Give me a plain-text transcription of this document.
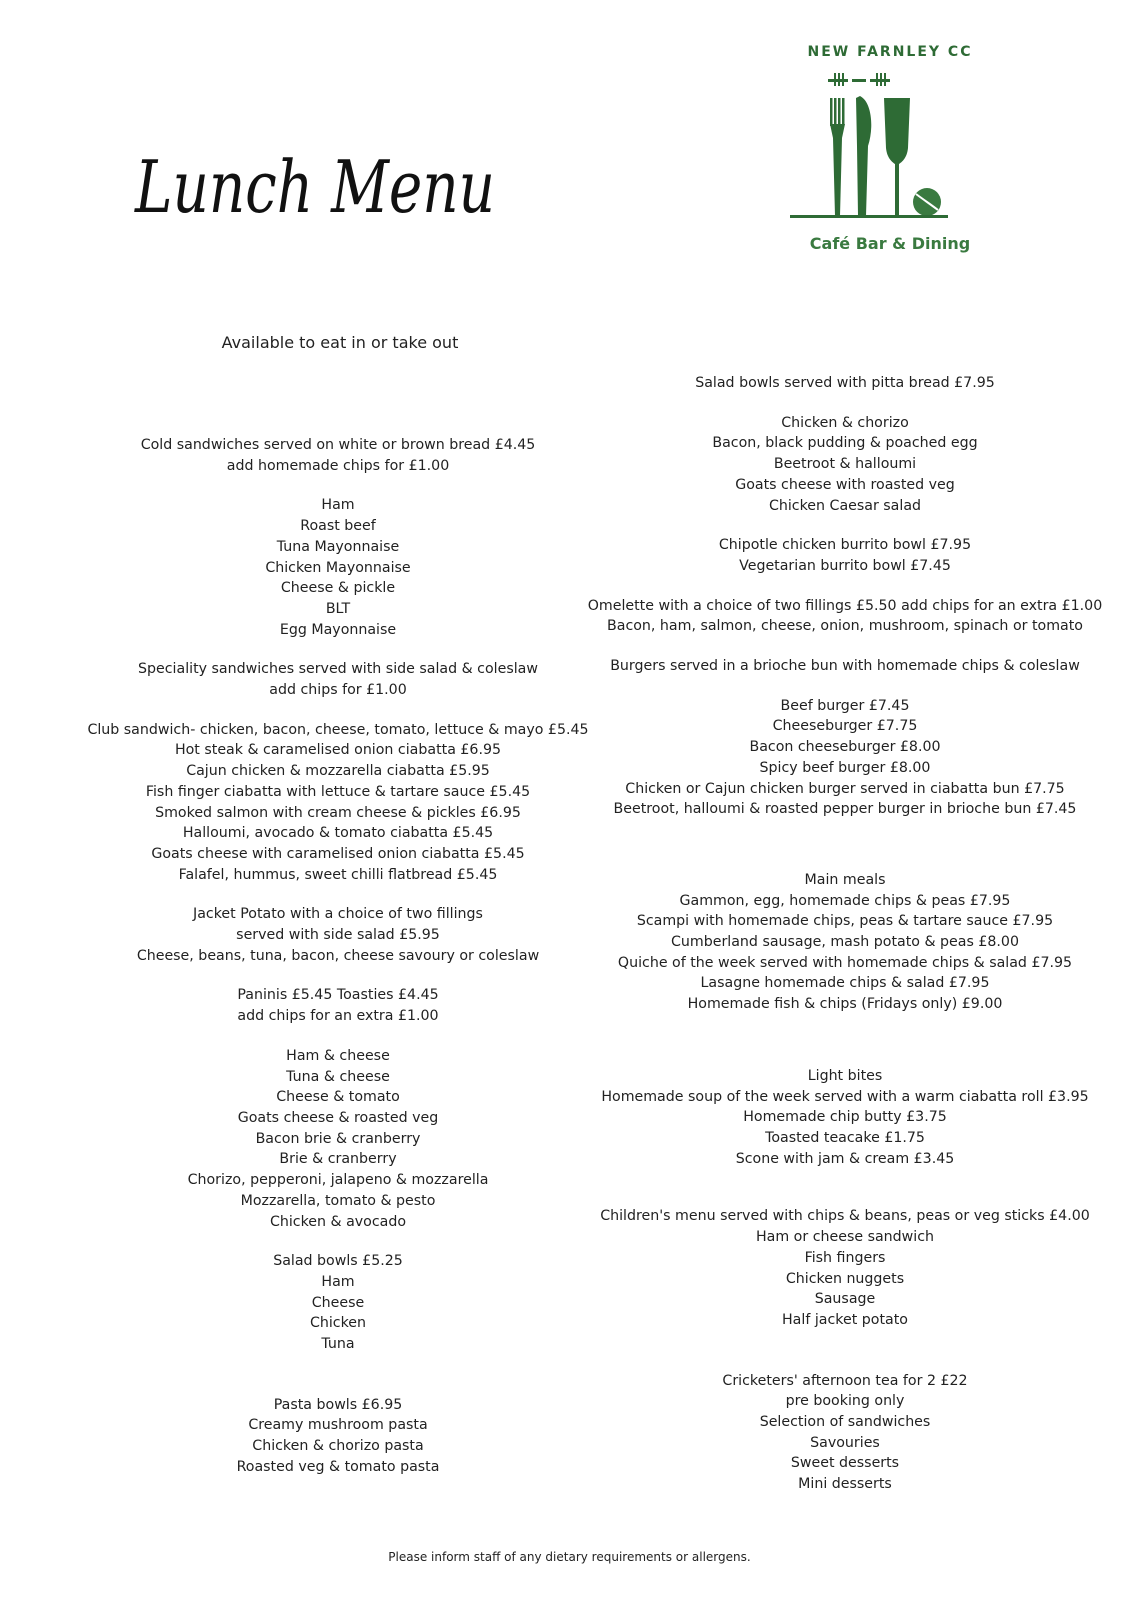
Lunch Menu
NEW FARNLEY CC
Café Bar & Dining
Available to eat in or take out
Cold sandwiches served on white or brown bread £4.45
add homemade chips for £1.00
Ham
Roast beef
Tuna Mayonnaise
Chicken Mayonnaise
Cheese & pickle
BLT
Egg Mayonnaise
Speciality sandwiches served with side salad & coleslaw
add chips for £1.00
Club sandwich- chicken, bacon, cheese, tomato, lettuce & mayo £5.45
Hot steak & caramelised onion ciabatta £6.95
Cajun chicken & mozzarella ciabatta £5.95
Fish finger ciabatta with lettuce & tartare sauce £5.45
Smoked salmon with cream cheese & pickles £6.95
Halloumi, avocado & tomato ciabatta £5.45
Goats cheese with caramelised onion ciabatta £5.45
Falafel, hummus, sweet chilli flatbread £5.45
Jacket Potato with a choice of two fillings
served with side salad £5.95
Cheese, beans, tuna, bacon, cheese savoury or coleslaw
Paninis £5.45 Toasties £4.45
add chips for an extra £1.00
Ham & cheese
Tuna & cheese
Cheese & tomato
Goats cheese & roasted veg
Bacon brie & cranberry
Brie & cranberry
Chorizo, pepperoni, jalapeno & mozzarella
Mozzarella, tomato & pesto
Chicken & avocado
Salad bowls £5.25
Ham
Cheese
Chicken
Tuna
Pasta bowls £6.95
Creamy mushroom pasta
Chicken & chorizo pasta
Roasted veg & tomato pasta
Salad bowls served with pitta bread £7.95
Chicken & chorizo
Bacon, black pudding & poached egg
Beetroot & halloumi
Goats cheese with roasted veg
Chicken Caesar salad
Chipotle chicken burrito bowl £7.95
Vegetarian burrito bowl £7.45
Omelette with a choice of two fillings £5.50 add chips for an extra £1.00
Bacon, ham, salmon, cheese, onion, mushroom, spinach or tomato
Burgers served in a brioche bun with homemade chips & coleslaw
Beef burger £7.45
Cheeseburger £7.75
Bacon cheeseburger £8.00
Spicy beef burger £8.00
Chicken or Cajun chicken burger served in ciabatta bun £7.75
Beetroot, halloumi & roasted pepper burger in brioche bun £7.45
Main meals
Gammon, egg, homemade chips & peas £7.95
Scampi with homemade chips, peas & tartare sauce £7.95
Cumberland sausage, mash potato & peas £8.00
Quiche of the week served with homemade chips & salad £7.95
Lasagne homemade chips & salad £7.95
Homemade fish & chips (Fridays only) £9.00
Light bites
Homemade soup of the week served with a warm ciabatta roll £3.95
Homemade chip butty £3.75
Toasted teacake £1.75
Scone with jam & cream £3.45
Children's menu served with chips & beans, peas or veg sticks £4.00
Ham or cheese sandwich
Fish fingers
Chicken nuggets
Sausage
Half jacket potato
Cricketers' afternoon tea for 2 £22
pre booking only
Selection of sandwiches
Savouries
Sweet desserts
Mini desserts
Please inform staff of any dietary requirements or allergens.
